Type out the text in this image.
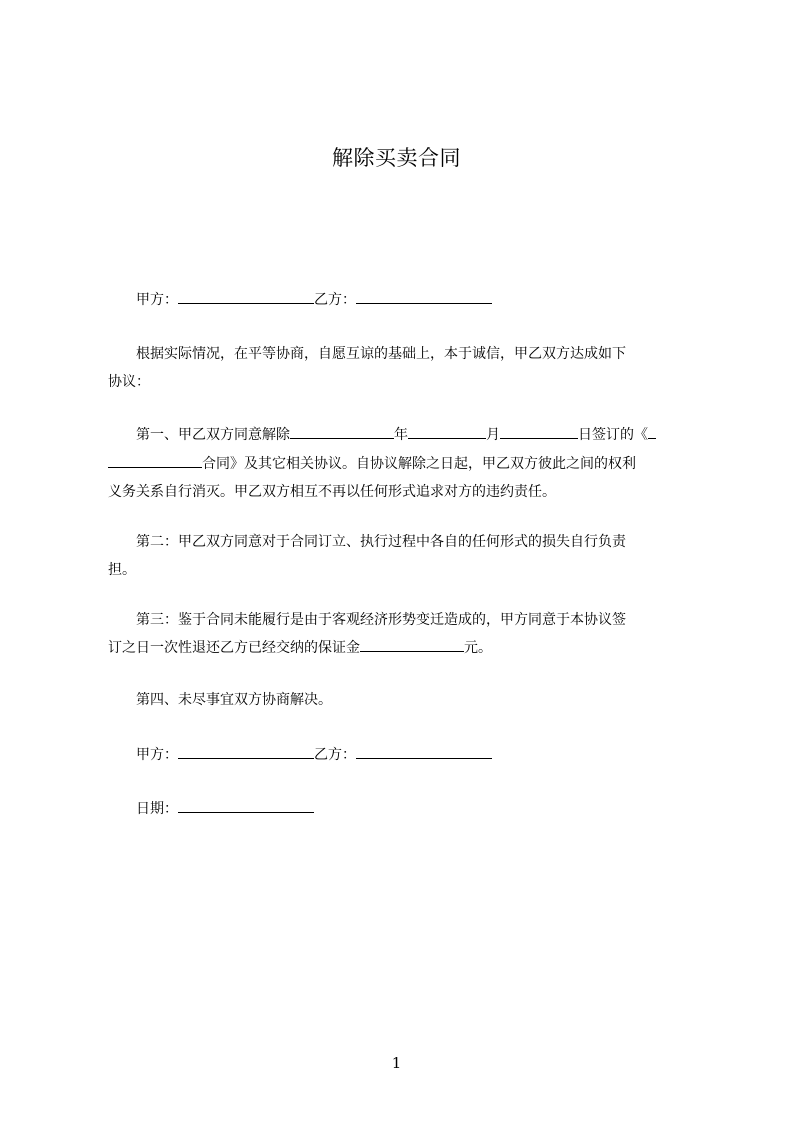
解除买卖合同
甲方：	乙方：
根据实际情况，在平等协商，自愿互谅的基础上，本于诚信，甲乙双方达成如下
协议：
第一、甲乙双方同意解除	年	月	日签订的《
合同》及其它相关协议。自协议解除之日起，甲乙双方彼此之间的权利
义务关系自行消灭。甲乙双方相互不再以任何形式追求对方的违约责任。
第二：甲乙双方同意对于合同订立、执行过程中各自的任何形式的损失自行负责
担。
第三：鉴于合同未能履行是由于客观经济形势变迁造成的，甲方同意于本协议签
订之日一次性退还乙方已经交纳的保证金	元。
第四、未尽事宜双方协商解决。
甲方：	乙方：
日期：
1
